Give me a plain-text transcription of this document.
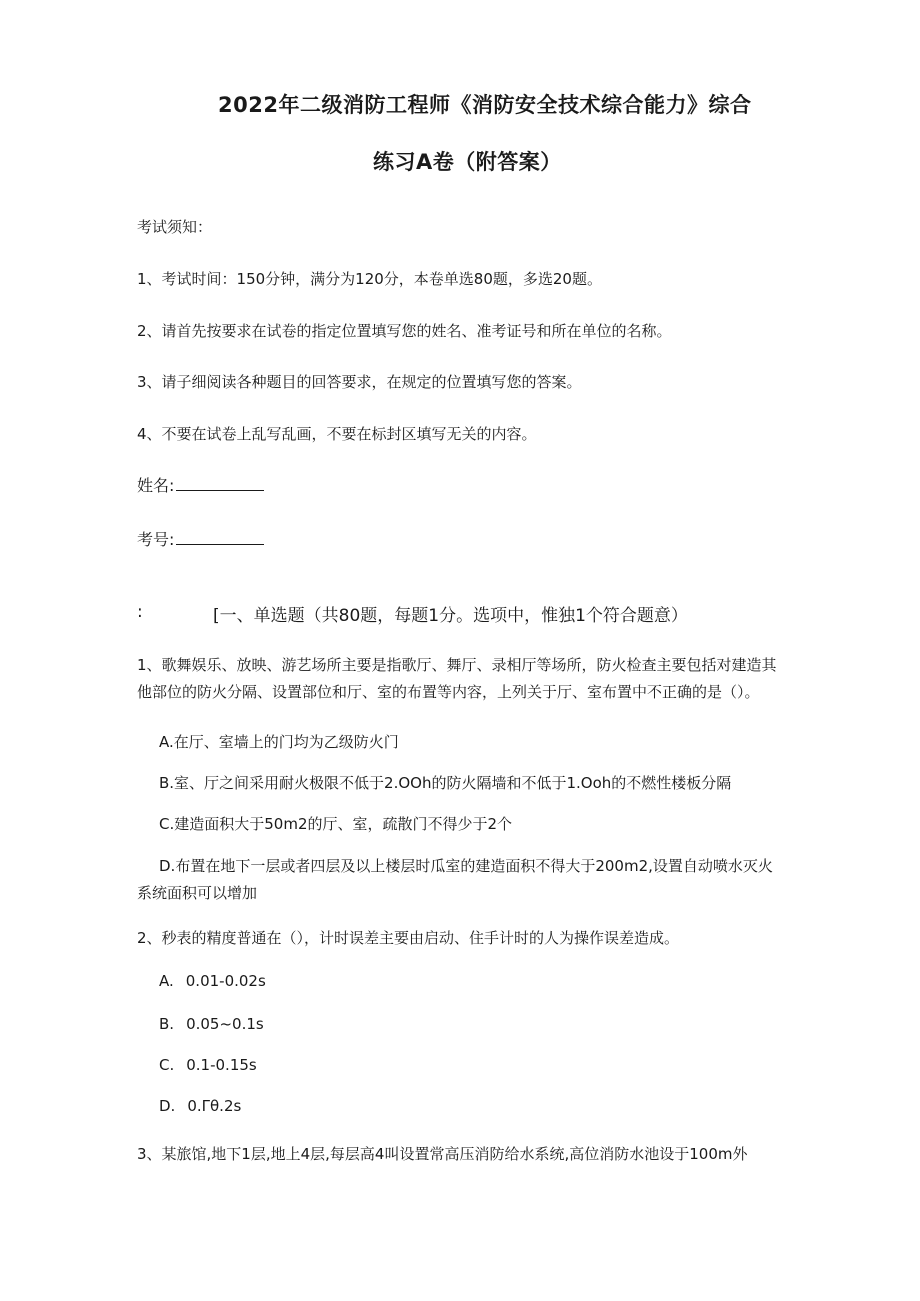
2022年二级消防工程师《消防安全技术综合能力》综合

练习A卷（附答案）

考试须知：

1、考试时间：150分钟，满分为120分，本卷单选80题，多选20题。

2、请首先按要求在试卷的指定位置填写您的姓名、准考证号和所在单位的名称。

3、请子细阅读各种题目的回答要求，在规定的位置填写您的答案。

4、不要在试卷上乱写乱画，不要在标封区填写无关的内容。

姓名:
考号:
:	[一、单选题（共80题，每题1分。选项中，惟独1个符合题意）

1、歌舞娱乐、放映、游艺场所主要是指歌厅、舞厅、录相厅等场所，防火检查主要包括对建造其

他部位的防火分隔、设置部位和厅、室的布置等内容，上列关于厅、室布置中不正确的是（）。

A.在厅、室墙上的门均为乙级防火门

B.室、厅之间采用耐火极限不低于2.OOh的防火隔墙和不低于1.Ooh的不燃性楼板分隔

C.建造面积大于50m2的厅、室，疏散门不得少于2个

D.布置在地下一层或者四层及以上楼层时瓜室的建造面积不得大于200m2,设置自动喷水灭火

系统面积可以增加

2、秒表的精度普通在（），计时误差主要由启动、住手计时的人为操作误差造成。

A. 0.01-0.02s
B. 0.05~0.1s
C. 0.1-0.15s
D. 0.Γθ.2s

3、某旅馆,地下1层,地上4层,每层高4叫设置常高压消防给水系统,高位消防水池设于100m外
